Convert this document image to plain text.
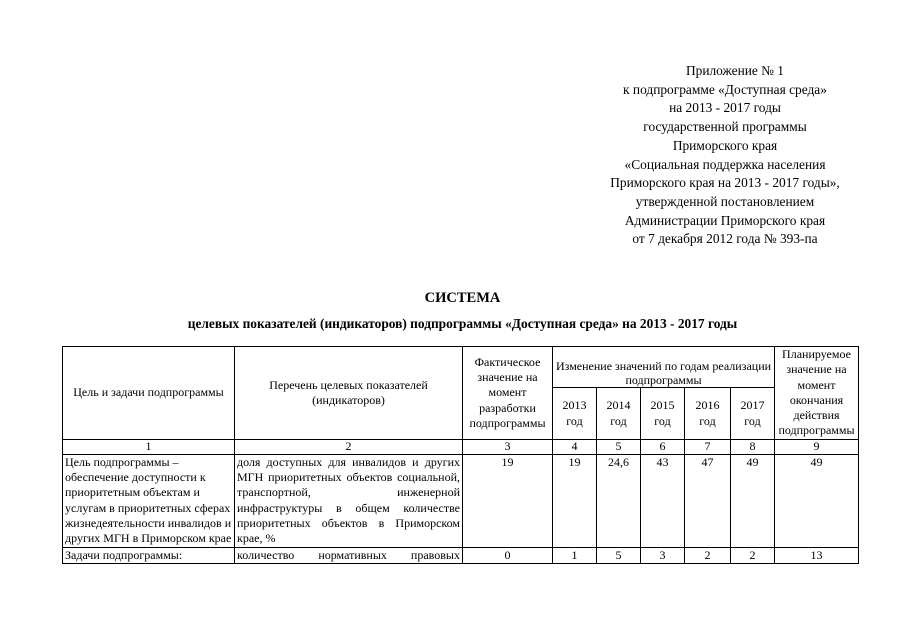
Приложение № 1
к подпрограмме «Доступная среда»
на 2013 - 2017 годы
государственной программы
Приморского края
«Социальная поддержка населения
Приморского края на 2013 - 2017 годы»,
утвержденной постановлением
Администрации Приморского края
от 7 декабря 2012 года № 393-па
СИСТЕМА
целевых показателей (индикаторов) подпрограммы «Доступная среда» на 2013 - 2017 годы
Цель и задачи подпрограммы	Перечень целевых показателей (индикаторов)	Фактическое значение на момент разработки подпрограммы	Изменение значений по годам реализации подпрограммы					Планируемое значение на момент окончания действия подпрограммы
			2013 год	2014 год	2015 год	2016 год	2017 год	
1	2	3	4	5	6	7	8	9
Цель подпрограммы – обеспечение доступности к приоритетным объектам и услугам в приоритетных сферах жизнедеятельности инвалидов и других МГН в Приморском крае	доля доступных для инвалидов и других МГН приоритетных объектов социальной, транспортной, инженерной инфраструктуры в общем количестве приоритетных объектов в Приморском крае, %	19	19	24,6	43	47	49	49
Задачи подпрограммы:	количество нормативных правовых	0	1	5	3	2	2	13
